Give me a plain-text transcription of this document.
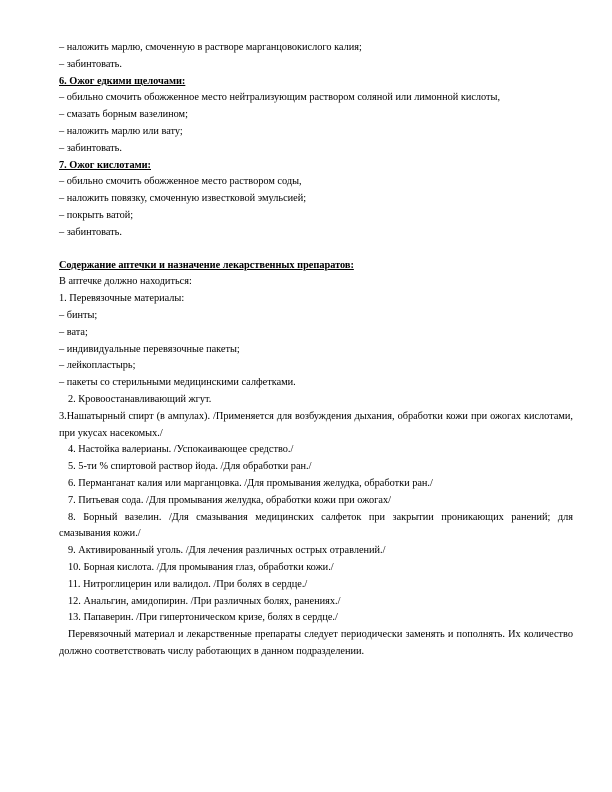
– наложить марлю, смоченную в растворе марганцовокислого калия;
– забинтовать.
6. Ожог едкими щелочами:
– обильно смочить обожженное место нейтрализующим раствором соляной или лимонной кислоты,
– смазать борным вазелином;
– наложить марлю или вату;
– забинтовать.
7. Ожог кислотами:
– обильно смочить обожженное место раствором соды,
– наложить повязку, смоченную известковой эмульсией;
– покрыть ватой;
– забинтовать.
Содержание аптечки и назначение лекарственных препаратов:
В аптечке должно находиться:
1. Перевязочные материалы:
– бинты;
– вата;
– индивидуальные перевязочные пакеты;
– лейкопластырь;
– пакеты со стерильными медицинскими салфетками.
2. Кровоостанавливающий жгут.
3.Нашатырный спирт (в ампулах). /Применяется для возбуждения дыхания, обработки кожи при ожогах кислотами, при укусах насекомых./
4. Настойка валерианы. /Успокаивающее средство./
5. 5-ти % спиртовой раствор йода. /Для обработки ран./
6. Перманганат калия или марганцовка. /Для промывания желудка, обработки ран./
7. Питьевая сода. /Для промывания желудка, обработки кожи при ожогах/
8. Борный вазелин. /Для смазывания медицинских салфеток при закрытии проникающих ранений; для смазывания кожи./
9. Активированный уголь. /Для лечения различных острых отравлений./
10. Борная кислота. /Для промывания глаз, обработки кожи./
11. Нитроглицерин или валидол. /При болях в сердце./
12. Анальгин, амидопирин. /При различных болях, ранениях./
13. Папаверин. /При гипертоническом кризе, болях в сердце./
Перевязочный материал и лекарственные препараты следует периодически заменять и пополнять. Их количество должно соответствовать числу работающих в данном подразделении.
